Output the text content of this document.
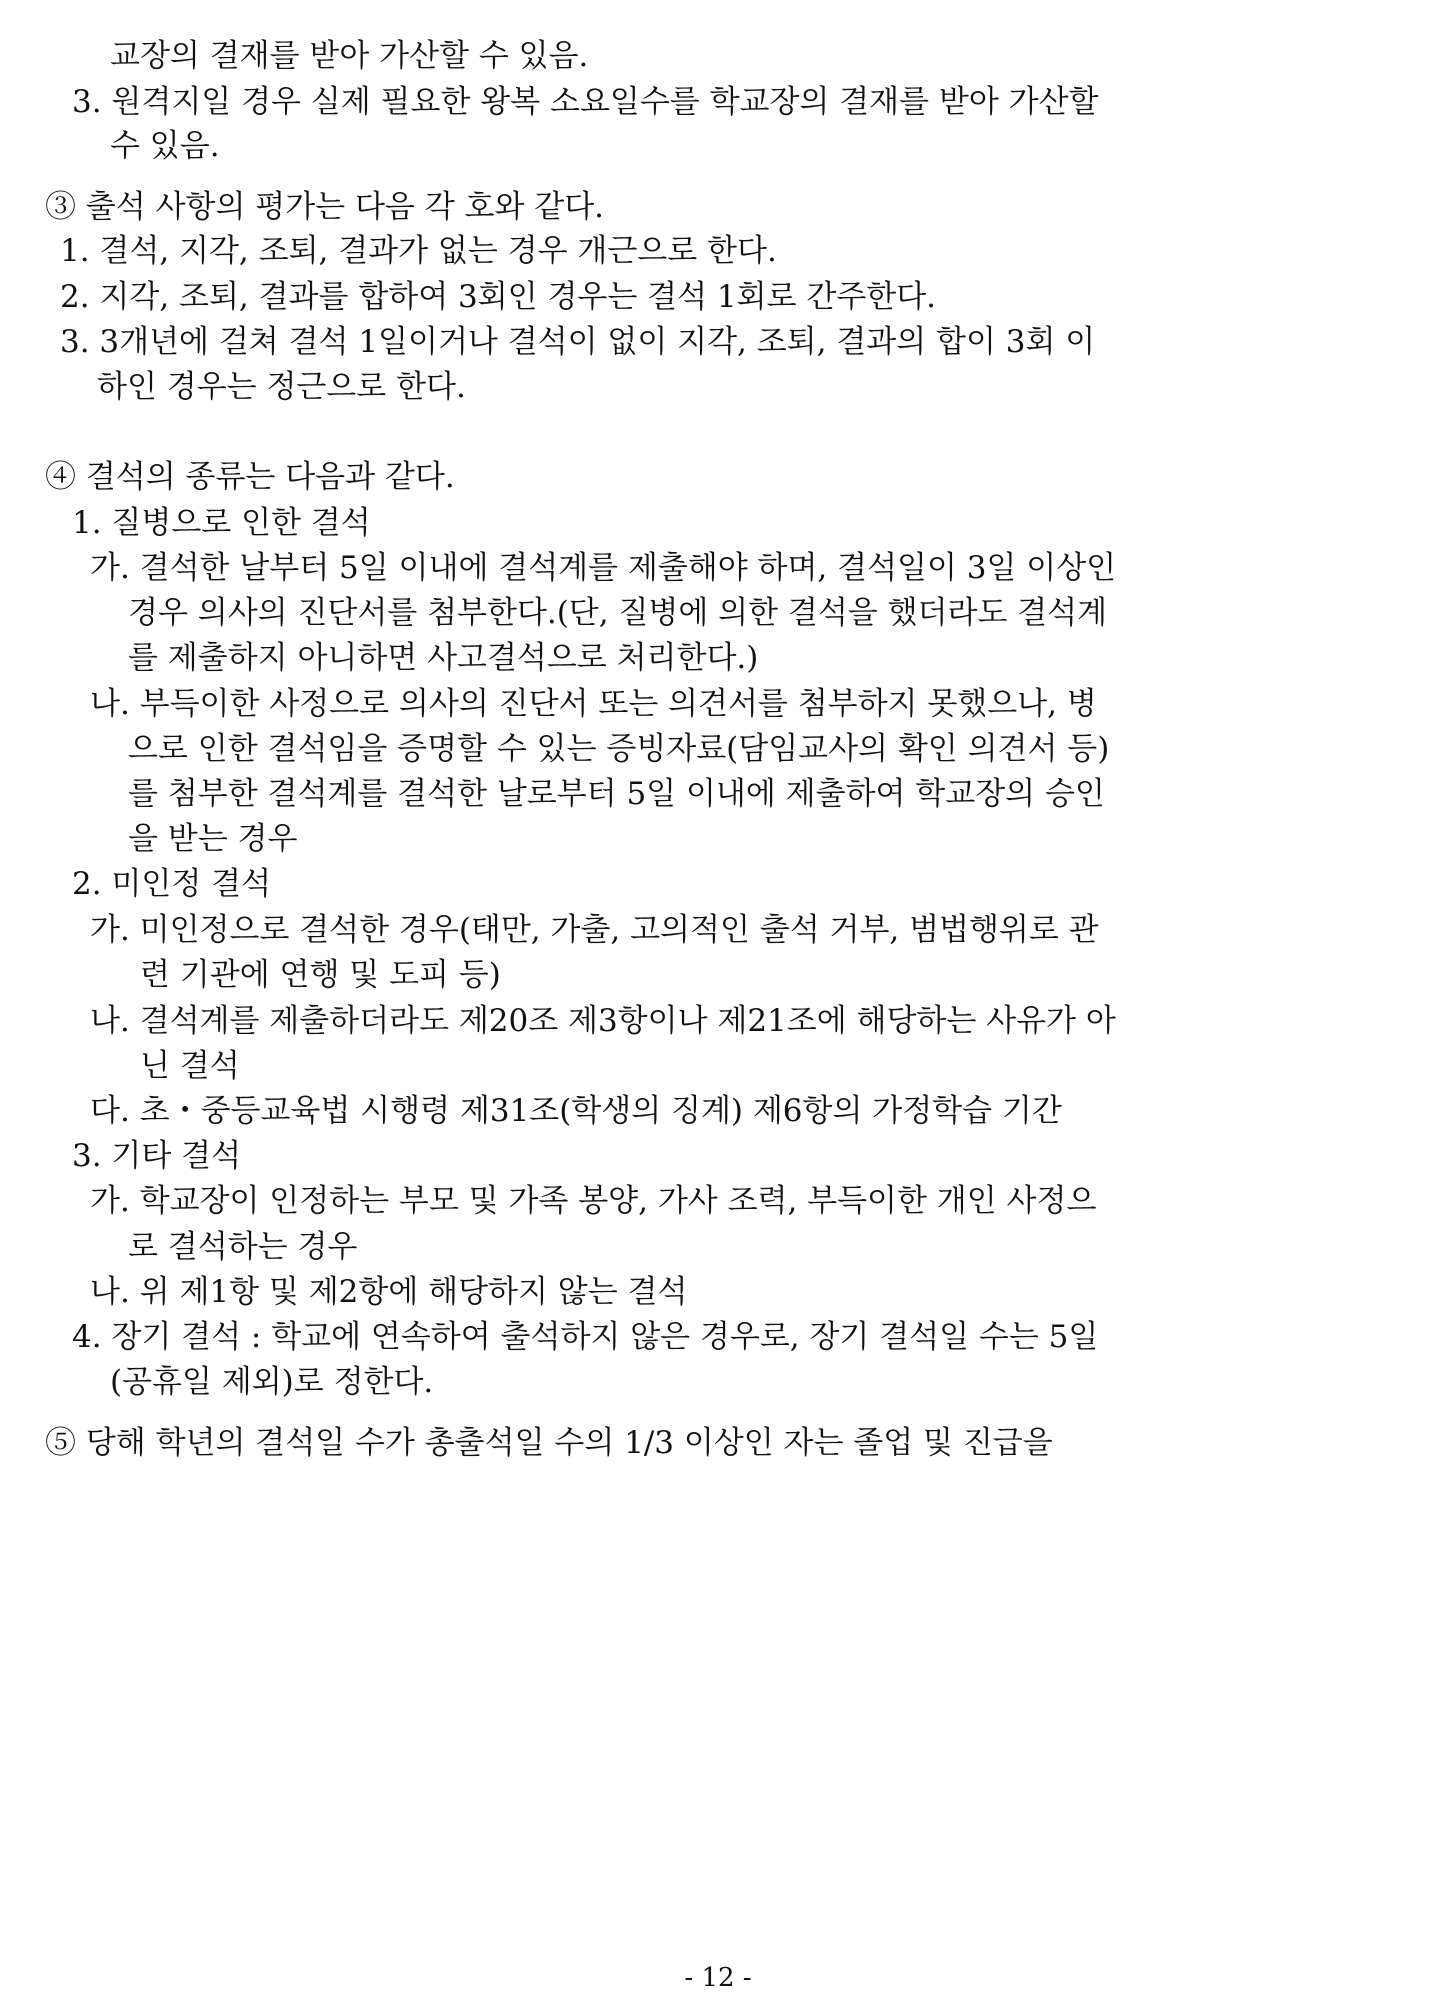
교장의 결재를 받아 가산할 수 있음.
3. 원격지일 경우 실제 필요한 왕복 소요일수를 학교장의 결재를 받아 가산할
수 있음.
③ 출석 사항의 평가는 다음 각 호와 같다.
1. 결석, 지각, 조퇴, 결과가 없는 경우 개근으로 한다.
2. 지각, 조퇴, 결과를 합하여 3회인 경우는 결석 1회로 간주한다.
3. 3개년에 걸쳐 결석 1일이거나 결석이 없이 지각, 조퇴, 결과의 합이 3회 이
하인 경우는 정근으로 한다.
④ 결석의 종류는 다음과 같다.
1. 질병으로 인한 결석
가. 결석한 날부터 5일 이내에 결석계를 제출해야 하며, 결석일이 3일 이상인
경우 의사의 진단서를 첨부한다.(단, 질병에 의한 결석을 했더라도 결석계
를 제출하지 아니하면 사고결석으로 처리한다.)
나. 부득이한 사정으로 의사의 진단서 또는 의견서를 첨부하지 못했으나, 병
으로 인한 결석임을 증명할 수 있는 증빙자료(담임교사의 확인 의견서 등)
를 첨부한 결석계를 결석한 날로부터 5일 이내에 제출하여 학교장의 승인
을 받는 경우
2. 미인정 결석
가. 미인정으로 결석한 경우(태만, 가출, 고의적인 출석 거부, 범법행위로 관
련 기관에 연행 및 도피 등)
나. 결석계를 제출하더라도 제20조 제3항이나 제21조에 해당하는 사유가 아
닌 결석
다. 초・중등교육법 시행령 제31조(학생의 징계) 제6항의 가정학습 기간
3. 기타 결석
가. 학교장이 인정하는 부모 및 가족 봉양, 가사 조력, 부득이한 개인 사정으
로 결석하는 경우
나. 위 제1항 및 제2항에 해당하지 않는 결석
4. 장기 결석 : 학교에 연속하여 출석하지 않은 경우로, 장기 결석일 수는 5일
(공휴일 제외)로 정한다.
⑤ 당해 학년의 결석일 수가 총출석일 수의 1/3 이상인 자는 졸업 및 진급을
- 12 -
